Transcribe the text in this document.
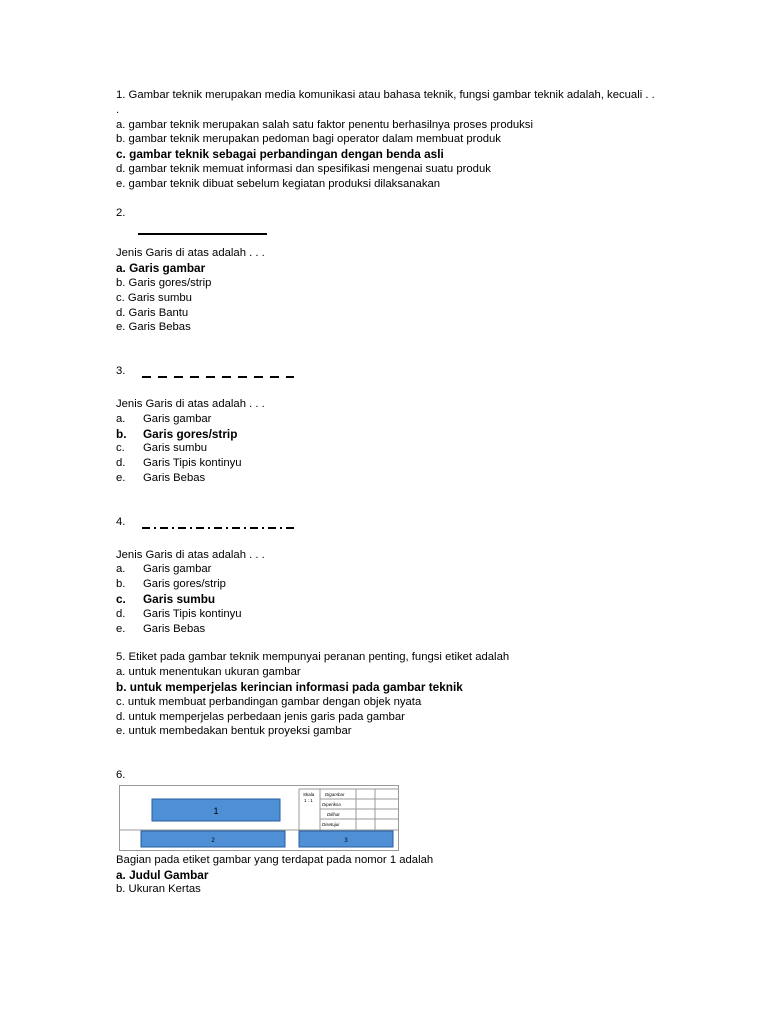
1. Gambar teknik merupakan media komunikasi atau bahasa teknik, fungsi gambar teknik adalah, kecuali . . .
a. gambar teknik merupakan salah satu faktor penentu berhasilnya proses produksi
b. gambar teknik merupakan pedoman bagi operator dalam membuat produk
c. gambar teknik sebagai perbandingan dengan benda asli
d. gambar teknik memuat informasi dan spesifikasi mengenai suatu produk
e. gambar teknik dibuat sebelum kegiatan produksi dilaksanakan
2.
Jenis Garis di atas adalah . . .
a. Garis gambar
b. Garis gores/strip
c. Garis sumbu
d. Garis Bantu
e. Garis Bebas
3.
Jenis Garis di atas adalah . . .
a.	Garis gambar
b.	Garis gores/strip
c.	Garis sumbu
d.	Garis Tipis kontinyu
e.	Garis Bebas
4.
Jenis Garis di atas adalah . . .
a.	Garis gambar
b.	Garis gores/strip
c.	Garis sumbu
d.	Garis Tipis kontinyu
e.	Garis Bebas
5. Etiket pada gambar teknik mempunyai peranan penting, fungsi etiket adalah
a. untuk menentukan ukuran gambar
b. untuk memperjelas kerincian informasi pada gambar teknik
c. untuk membuat perbandingan gambar dengan objek nyata
d. untuk memperjelas perbedaan jenis garis pada gambar
e. untuk membedakan bentuk proyeksi gambar
6.
1
2	3
Skala
1 : 1
Digambar
Diperiksa
Dilihat
Disetujui
Bagian pada etiket gambar yang terdapat pada nomor 1 adalah
a. Judul Gambar
b. Ukuran Kertas
